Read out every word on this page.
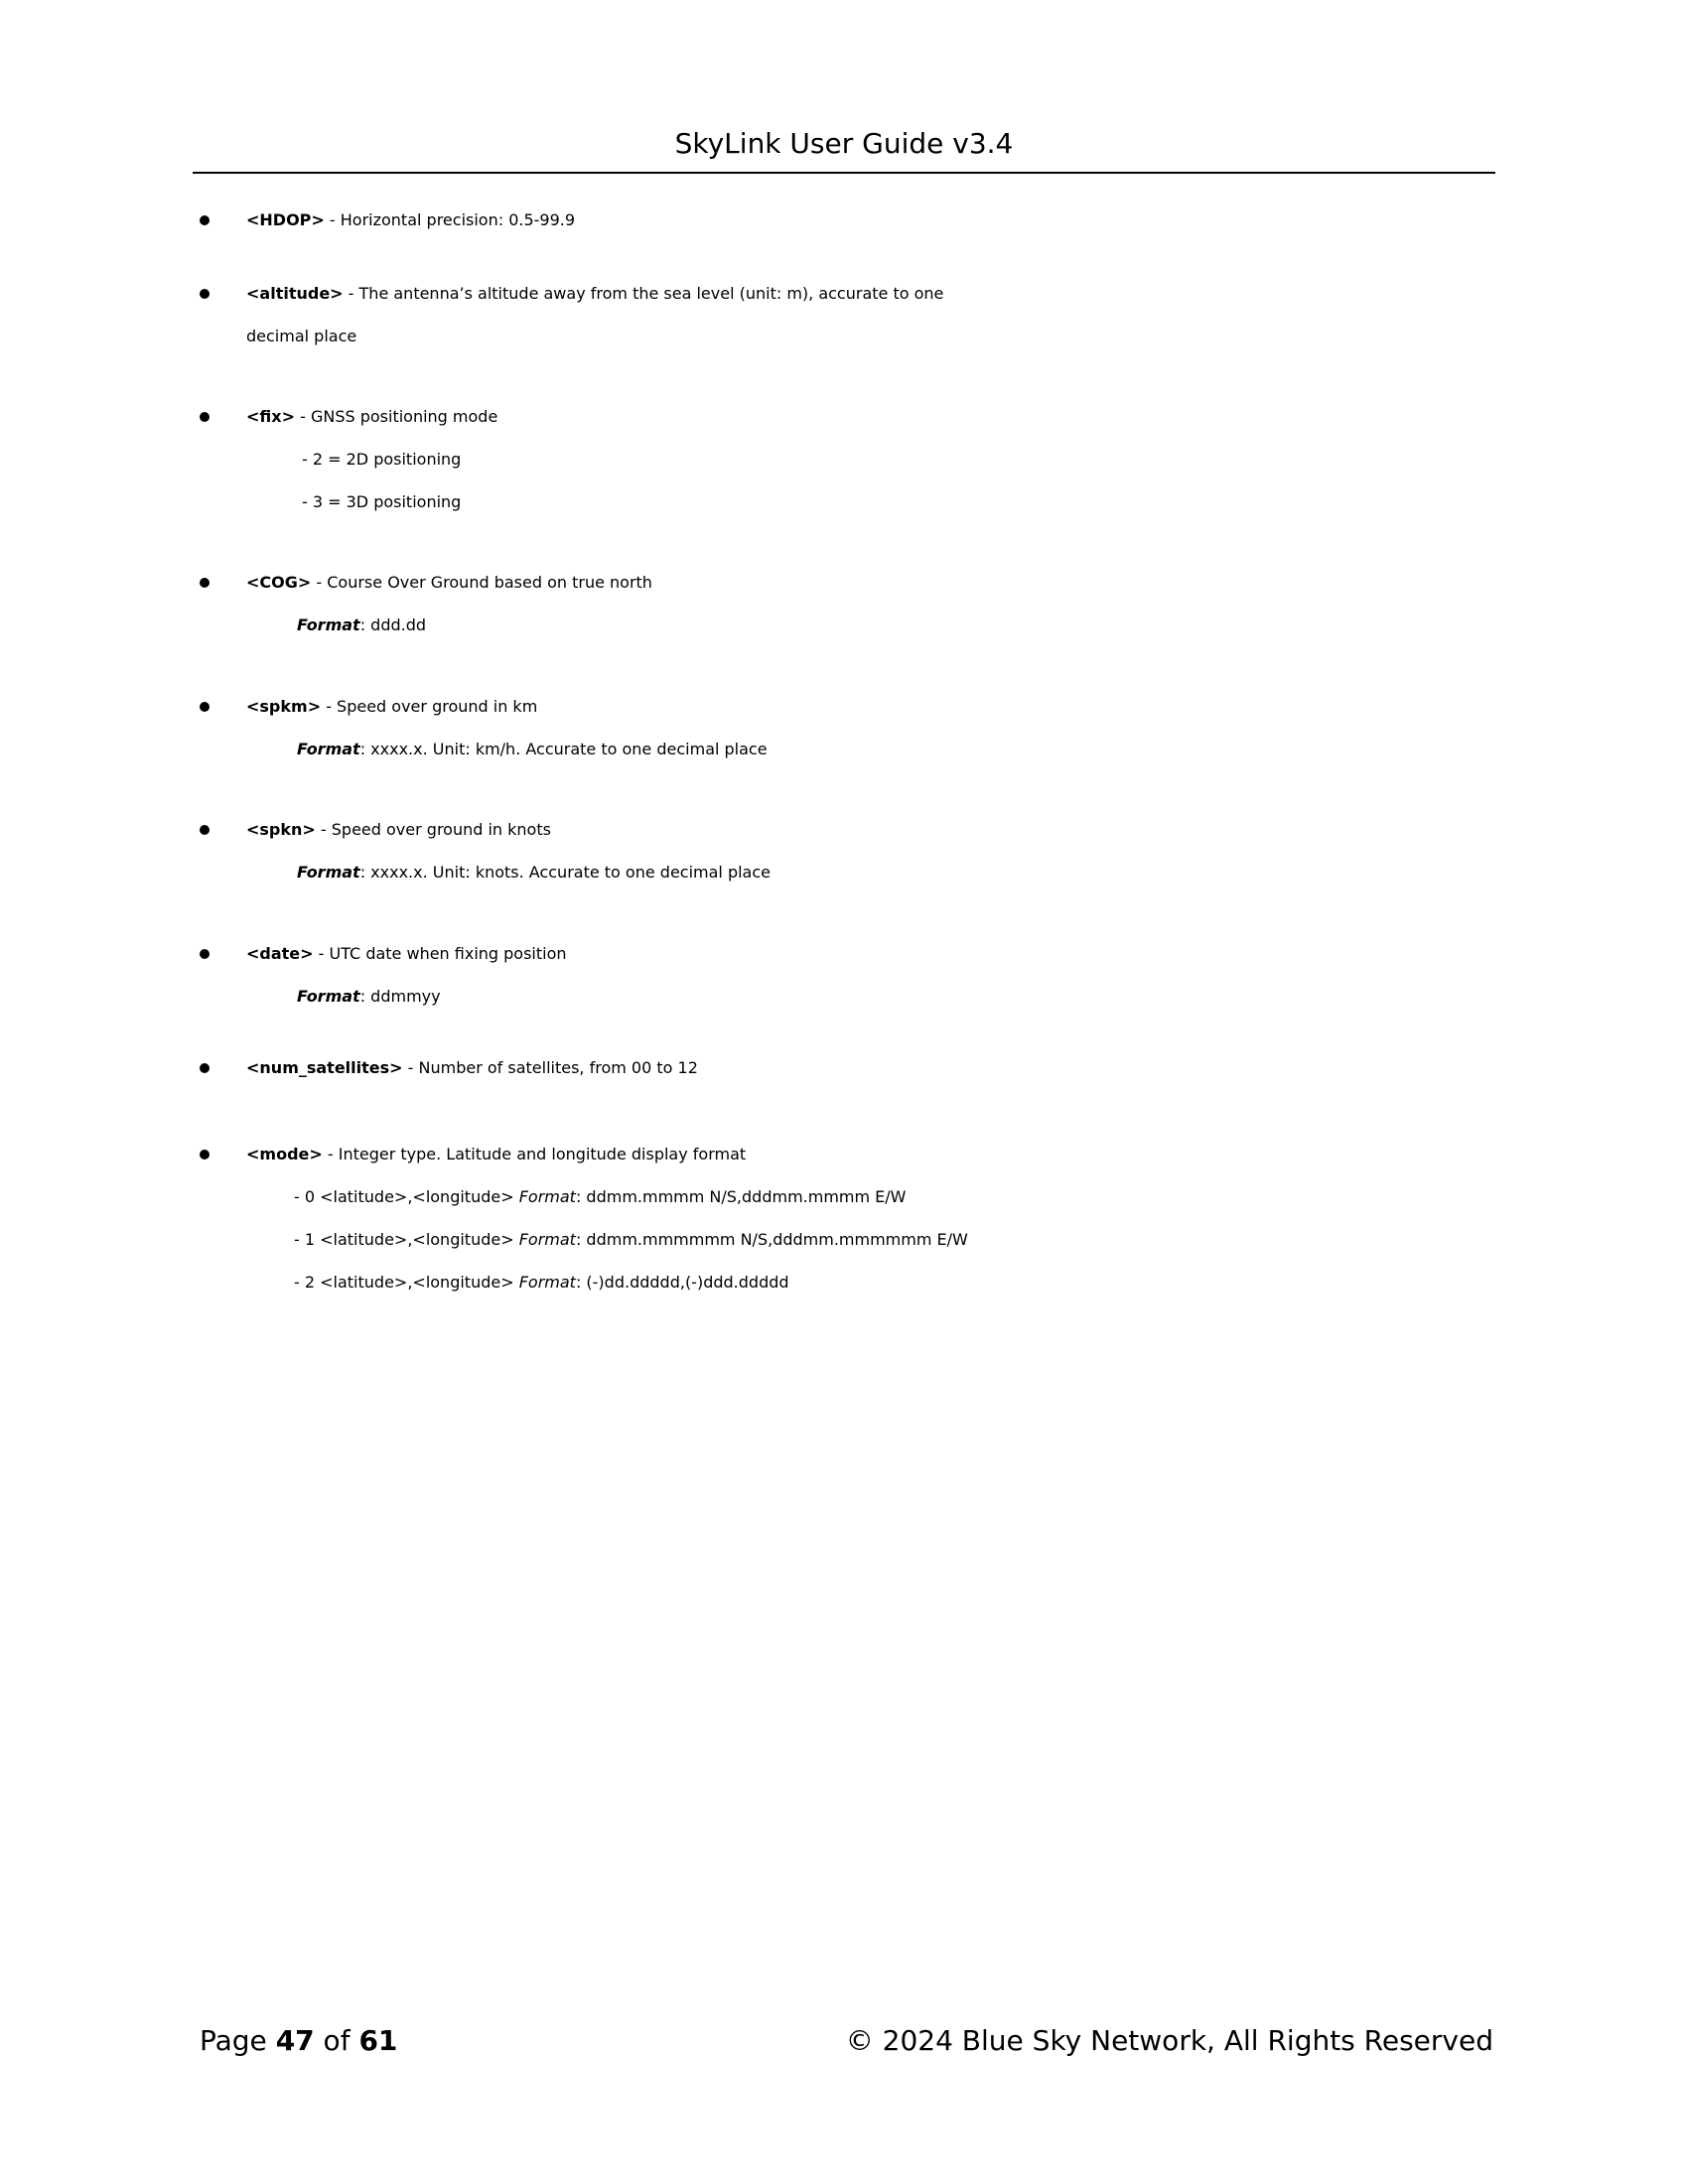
SkyLink User Guide v3.4
<HDOP> - Horizontal precision: 0.5-99.9
<altitude> - The antenna’s altitude away from the sea level (unit: m), accurate to one
decimal place
<fix> - GNSS positioning mode
- 2 = 2D positioning
- 3 = 3D positioning
<COG> - Course Over Ground based on true north
Format: ddd.dd
<spkm> - Speed over ground in km
Format: xxxx.x. Unit: km/h. Accurate to one decimal place
<spkn> - Speed over ground in knots
Format: xxxx.x. Unit: knots. Accurate to one decimal place
<date> - UTC date when fixing position
Format: ddmmyy
<num_satellites> - Number of satellites, from 00 to 12
<mode> - Integer type. Latitude and longitude display format
- 0 <latitude>,<longitude> Format: ddmm.mmmm N/S,dddmm.mmmm E/W
- 1 <latitude>,<longitude> Format: ddmm.mmmmmm N/S,dddmm.mmmmmm E/W
- 2 <latitude>,<longitude> Format: (-)dd.ddddd,(-)ddd.ddddd
Page 47 of 61	© 2024 Blue Sky Network, All Rights Reserved
